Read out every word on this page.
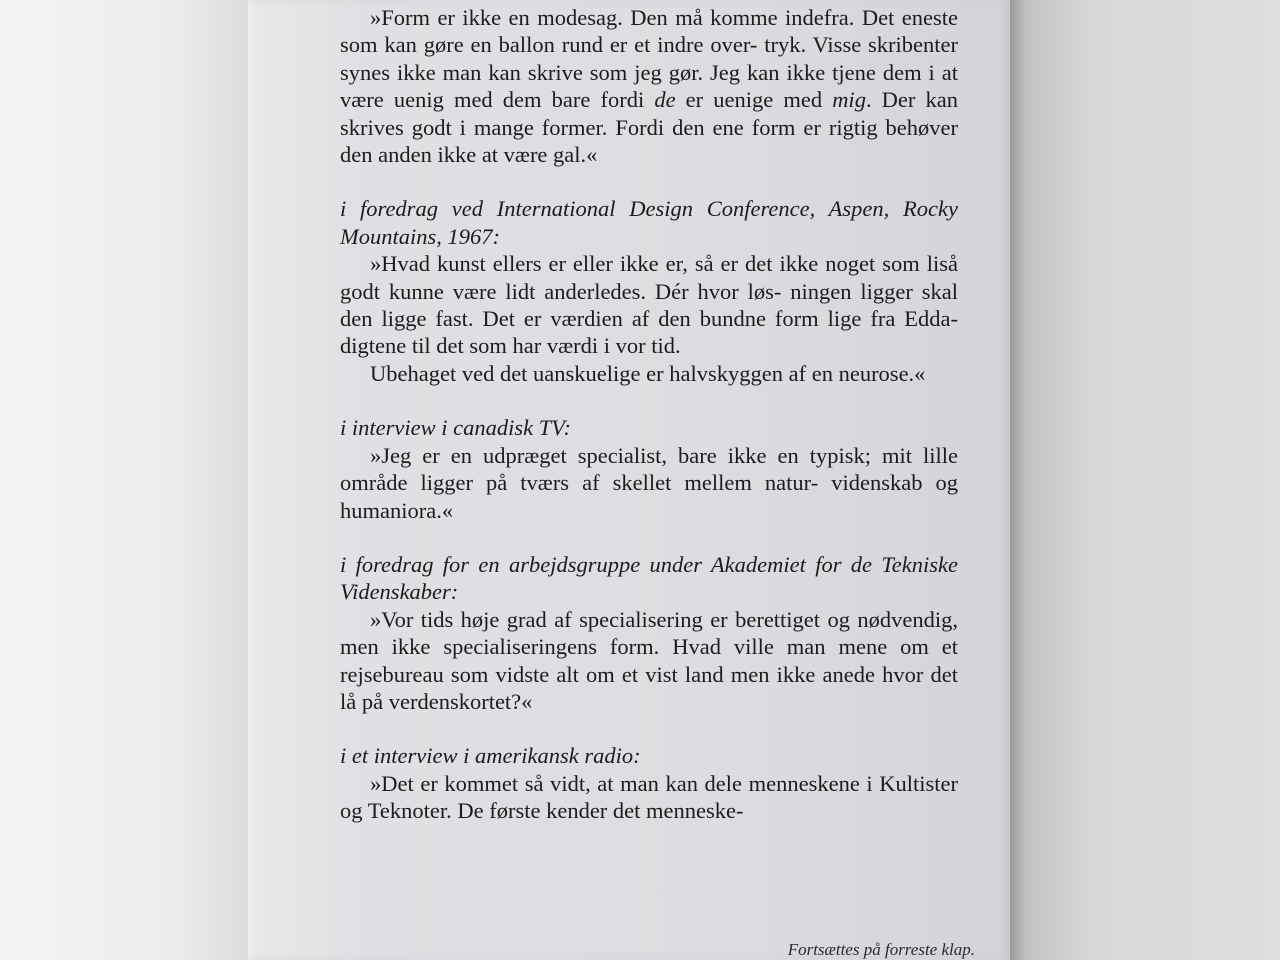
»Form er ikke en modesag. Den må komme indefra. Det eneste som kan gøre en ballon rund er et indre over- tryk. Visse skribenter synes ikke man kan skrive som jeg gør. Jeg kan ikke tjene dem i at være uenig med dem bare fordi de er uenige med mig. Der kan skrives godt i mange former. Fordi den ene form er rigtig behøver den anden ikke at være gal.«

i foredrag ved International Design Conference, Aspen, Rocky Mountains, 1967:

»Hvad kunst ellers er eller ikke er, så er det ikke noget som liså godt kunne være lidt anderledes. Dér hvor løs- ningen ligger skal den ligge fast. Det er værdien af den bundne form lige fra Edda-digtene til det som har værdi i vor tid.

Ubehaget ved det uanskuelige er halvskyggen af en neurose.«

i interview i canadisk TV:

»Jeg er en udpræget specialist, bare ikke en typisk; mit lille område ligger på tværs af skellet mellem natur- videnskab og humaniora.«

i foredrag for en arbejdsgruppe under Akademiet for de Tekniske Videnskaber:

»Vor tids høje grad af specialisering er berettiget og nødvendig, men ikke specialiseringens form. Hvad ville man mene om et rejsebureau som vidste alt om et vist land men ikke anede hvor det lå på verdenskortet?«

i et interview i amerikansk radio:

»Det er kommet så vidt, at man kan dele menneskene i Kultister og Teknoter. De første kender det menneske-

Fortsættes på forreste klap.
